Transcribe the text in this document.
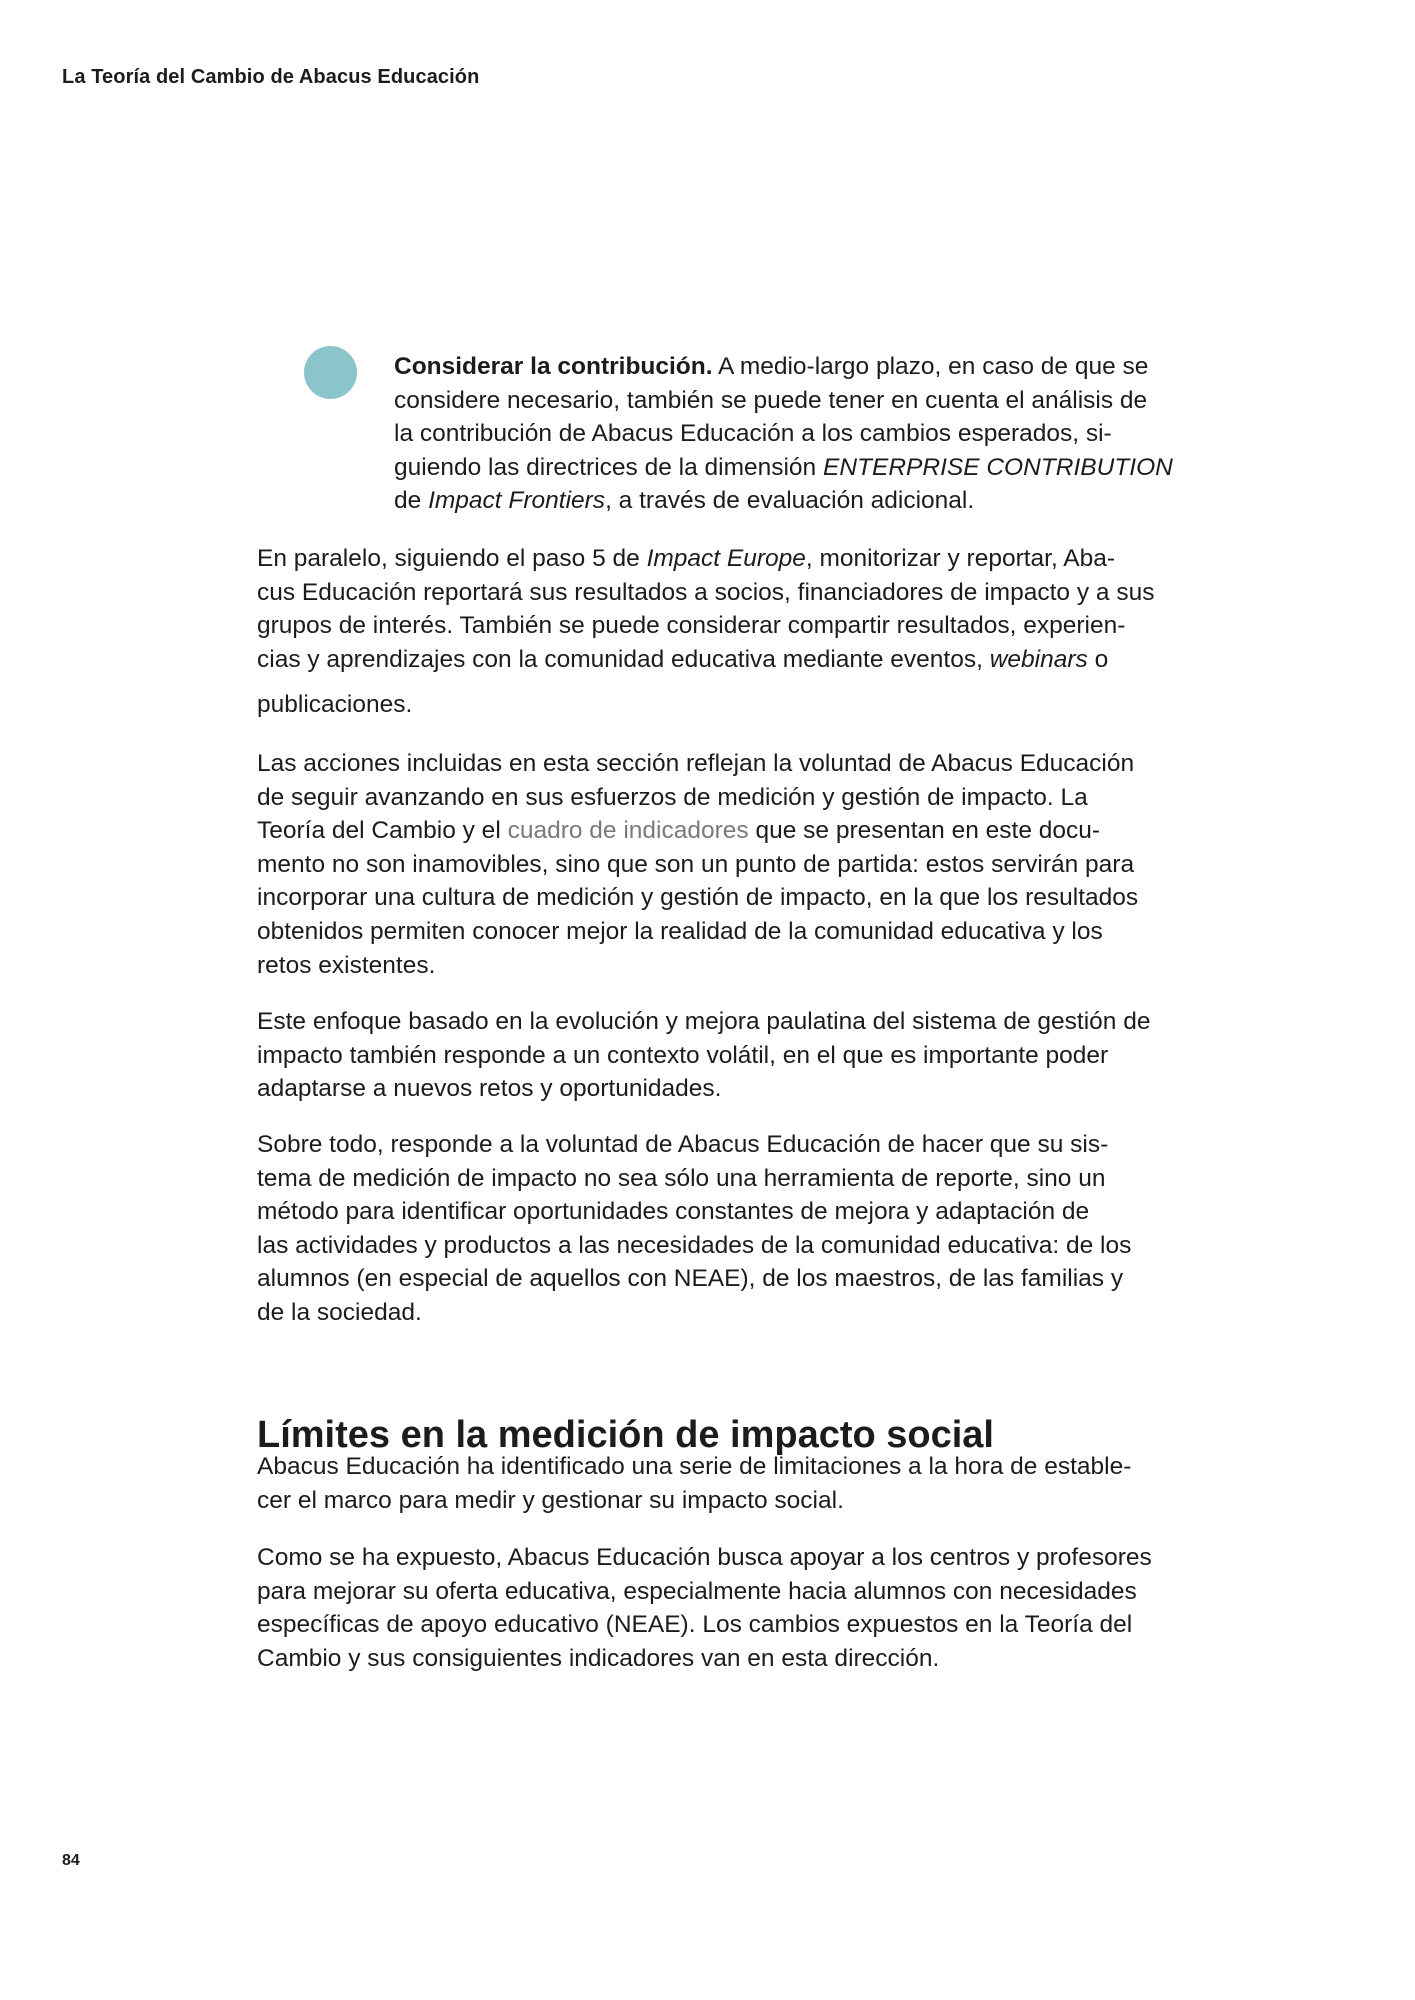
La Teoría del Cambio de Abacus Educación
Considerar la contribución. A medio-largo plazo, en caso de que se
considere necesario, también se puede tener en cuenta el análisis de
la contribución de Abacus Educación a los cambios esperados, si-
guiendo las directrices de la dimensión ENTERPRISE CONTRIBUTION
de Impact Frontiers, a través de evaluación adicional.
En paralelo, siguiendo el paso 5 de Impact Europe, monitorizar y reportar, Aba-
cus Educación reportará sus resultados a socios, financiadores de impacto y a sus
grupos de interés. También se puede considerar compartir resultados, experien-
cias y aprendizajes con la comunidad educativa mediante eventos, webinars o
publicaciones.
Las acciones incluidas en esta sección reflejan la voluntad de Abacus Educación
de seguir avanzando en sus esfuerzos de medición y gestión de impacto. La
Teoría del Cambio y el cuadro de indicadores que se presentan en este docu-
mento no son inamovibles, sino que son un punto de partida: estos servirán para
incorporar una cultura de medición y gestión de impacto, en la que los resultados
obtenidos permiten conocer mejor la realidad de la comunidad educativa y los
retos existentes.
Este enfoque basado en la evolución y mejora paulatina del sistema de gestión de
impacto también responde a un contexto volátil, en el que es importante poder
adaptarse a nuevos retos y oportunidades.
Sobre todo, responde a la voluntad de Abacus Educación de hacer que su sis-
tema de medición de impacto no sea sólo una herramienta de reporte, sino un
método para identificar oportunidades constantes de mejora y adaptación de
las actividades y productos a las necesidades de la comunidad educativa: de los
alumnos (en especial de aquellos con NEAE), de los maestros, de las familias y
de la sociedad.
Límites en la medición de impacto social
Abacus Educación ha identificado una serie de limitaciones a la hora de estable-
cer el marco para medir y gestionar su impacto social.
Como se ha expuesto, Abacus Educación busca apoyar a los centros y profesores
para mejorar su oferta educativa, especialmente hacia alumnos con necesidades
específicas de apoyo educativo (NEAE). Los cambios expuestos en la Teoría del
Cambio y sus consiguientes indicadores van en esta dirección.
84
